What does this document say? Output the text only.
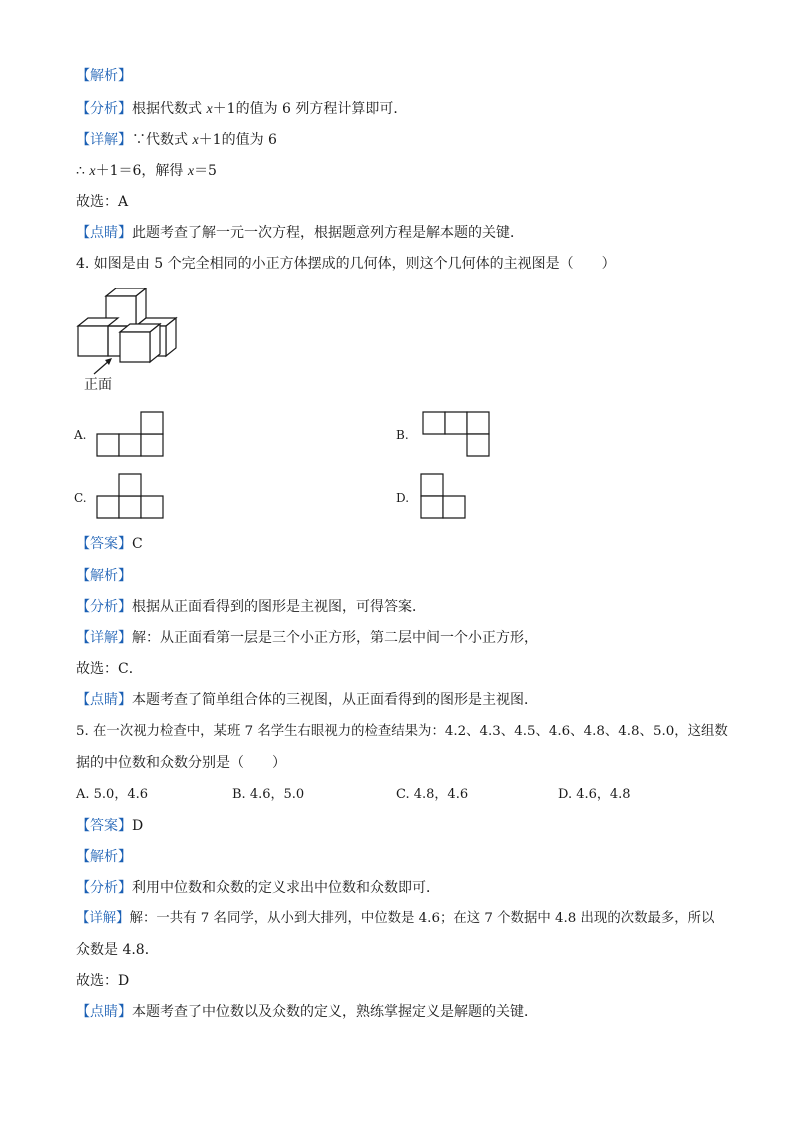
【解析】
【分析】根据代数式 x＋1的值为 6 列方程计算即可．
【详解】∵代数式 x＋1的值为 6
∴ x＋1＝6，解得 x＝5
故选：A
【点睛】此题考查了解一元一次方程，根据题意列方程是解本题的关键．
4. 如图是由 5 个完全相同的小正方体摆成的几何体，则这个几何体的主视图是（　　）
正面
A.	B.
C.	D.
【答案】C
【解析】
【分析】根据从正面看得到的图形是主视图，可得答案．
【详解】解：从正面看第一层是三个小正方形，第二层中间一个小正方形，
故选：C．
【点睛】本题考查了简单组合体的三视图，从正面看得到的图形是主视图．
5. 在一次视力检查中，某班 7 名学生右眼视力的检查结果为：4.2、4.3、4.5、4.6、4.8、4.8、5.0，这组数
据的中位数和众数分别是（　　）
A. 5.0，4.6	B. 4.6，5.0	C. 4.8，4.6	D. 4.6，4.8
【答案】D
【解析】
【分析】利用中位数和众数的定义求出中位数和众数即可．
【详解】解：一共有 7 名同学，从小到大排列，中位数是 4.6；在这 7 个数据中 4.8 出现的次数最多，所以
众数是 4.8．
故选：D
【点睛】本题考查了中位数以及众数的定义，熟练掌握定义是解题的关键．
